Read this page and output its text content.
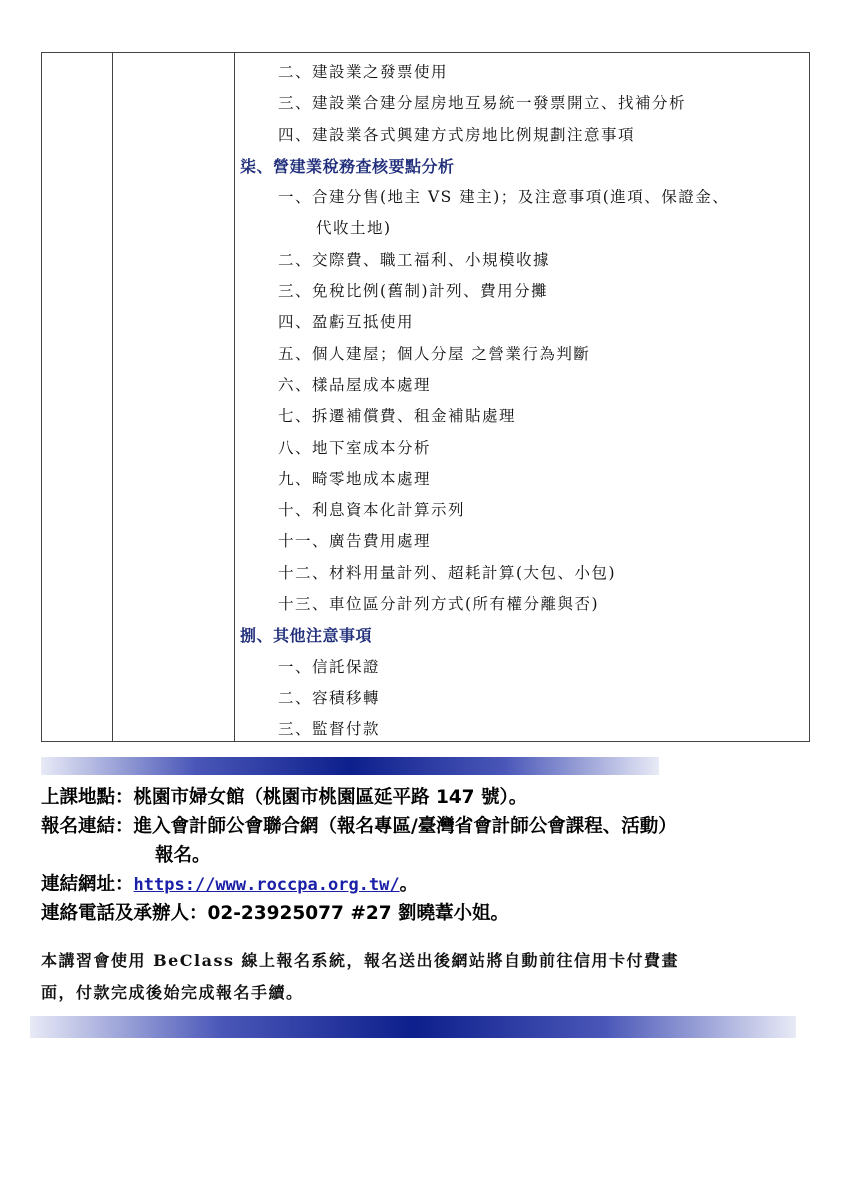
二、建設業之發票使用
三、建設業合建分屋房地互易統一發票開立、找補分析
四、建設業各式興建方式房地比例規劃注意事項
柒、營建業稅務查核要點分析
一、合建分售(地主 VS 建主)；及注意事項(進項、保證金、
代收土地)
二、交際費、職工福利、小規模收據
三、免稅比例(舊制)計列、費用分攤
四、盈虧互抵使用
五、個人建屋；個人分屋 之營業行為判斷
六、樣品屋成本處理
七、拆遷補償費、租金補貼處理
八、地下室成本分析
九、畸零地成本處理
十、利息資本化計算示列
十一、廣告費用處理
十二、材料用量計列、超耗計算(大包、小包)
十三、車位區分計列方式(所有權分離與否)
捌、其他注意事項
一、信託保證
二、容積移轉
三、監督付款
上課地點：桃園市婦女館（桃園市桃園區延平路 147 號）。
報名連結：進入會計師公會聯合網（報名專區/臺灣省會計師公會課程、活動）
報名。
連結網址：https://www.roccpa.org.tw/。
連絡電話及承辦人：02-23925077 #27 劉曉葦小姐。
本講習會使用 BeClass 線上報名系統，報名送出後網站將自動前往信用卡付費畫
面，付款完成後始完成報名手續。
